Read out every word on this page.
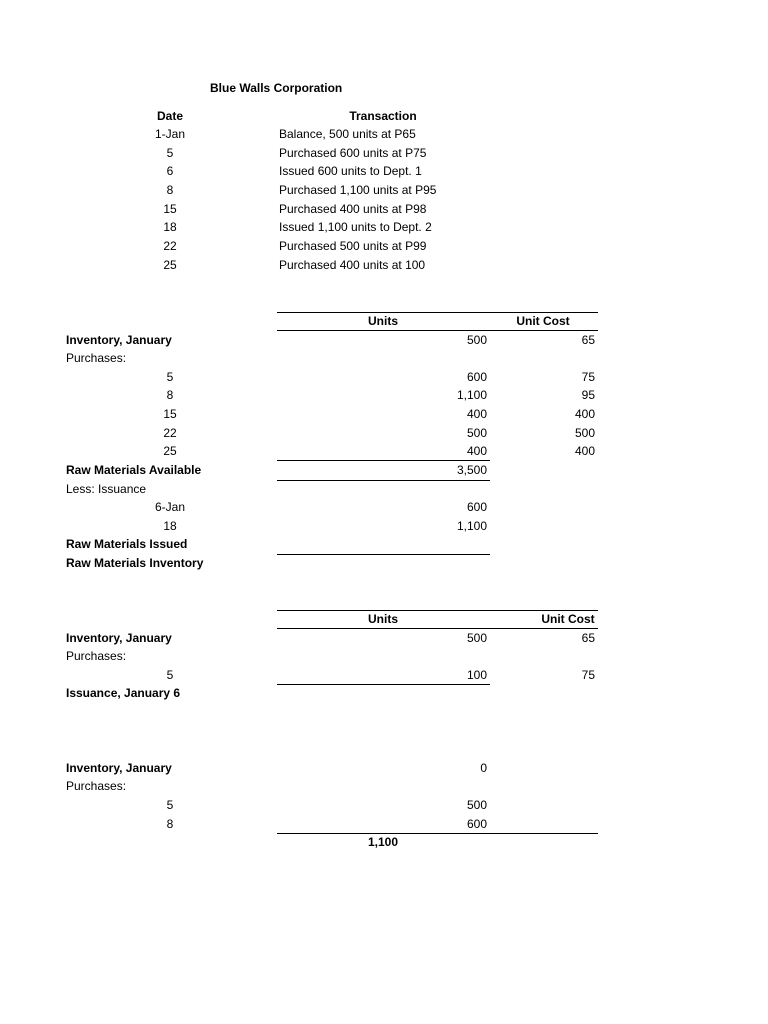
Blue Walls Corporation
Date	Transaction
1-Jan	Balance, 500 units at P65
5	Purchased 600 units at P75
6	Issued 600 units to Dept. 1
8	Purchased 1,100 units at P95
15	Purchased 400 units at P98
18	Issued 1,100 units to Dept. 2
22	Purchased 500 units at P99
25	Purchased 400 units at 100
Units	Unit Cost
Inventory, January	500	65
Purchases:
5	600	75
8	1,100	95
15	400	400
22	500	500
25	400	400
Raw Materials Available	3,500
Less: Issuance
6-Jan	600
18	1,100
Raw Materials Issued
Raw Materials Inventory
Units	Unit Cost
Inventory, January	500	65
Purchases:
5	100	75
Issuance, January 6
Inventory, January	0
Purchases:
5	500
8	600
1,100
